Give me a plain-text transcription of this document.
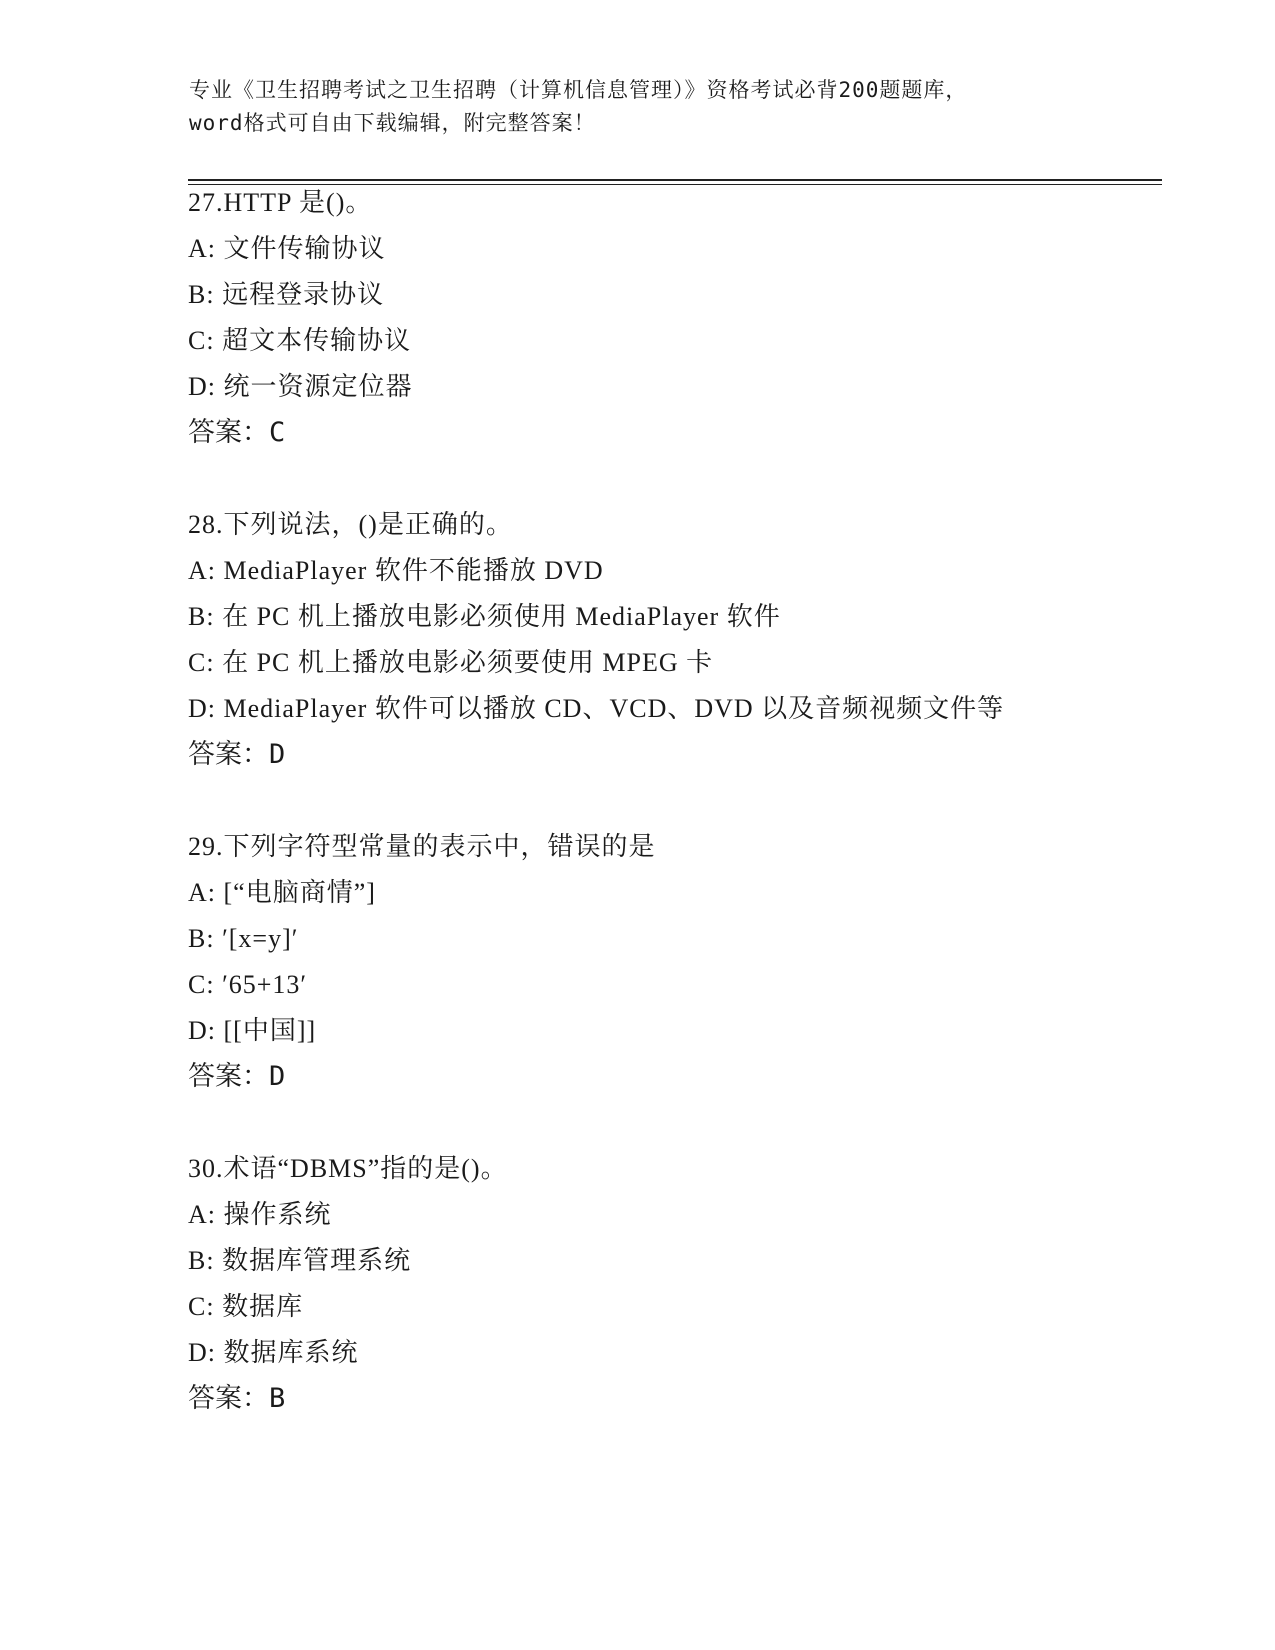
专业《卫生招聘考试之卫生招聘（计算机信息管理）》资格考试必背200题题库，
word格式可自由下载编辑，附完整答案！
27.HTTP 是()。
A: 文件传输协议
B: 远程登录协议
C: 超文本传输协议
D: 统一资源定位器
答案：C
28.下列说法，()是正确的。
A: MediaPlayer 软件不能播放 DVD
B: 在 PC 机上播放电影必须使用 MediaPlayer 软件
C: 在 PC 机上播放电影必须要使用 MPEG 卡
D: MediaPlayer 软件可以播放 CD、VCD、DVD 以及音频视频文件等
答案：D
29.下列字符型常量的表示中，错误的是
A: [“电脑商情”]
B: ′[x=y]′
C: ′65+13′
D: [[中国]]
答案：D
30.术语“DBMS”指的是()。
A: 操作系统
B: 数据库管理系统
C: 数据库
D: 数据库系统
答案：B
